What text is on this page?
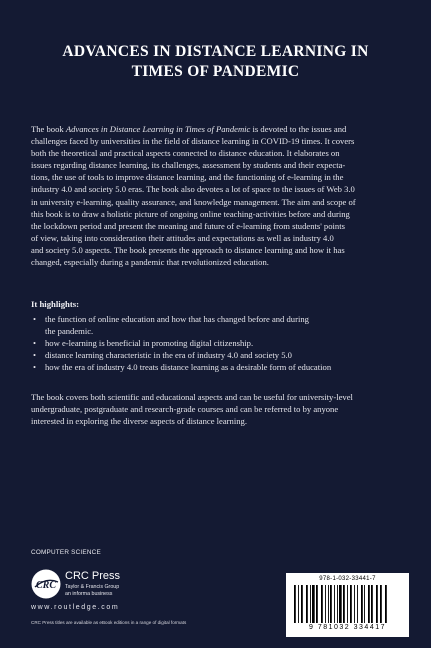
ADVANCES IN DISTANCE LEARNING IN
TIMES OF PANDEMIC
The book Advances in Distance Learning in Times of Pandemic is devoted to the issues and
challenges faced by universities in the field of distance learning in COVID-19 times. It covers
both the theoretical and practical aspects connected to distance education. It elaborates on
issues regarding distance learning, its challenges, assessment by students and their expecta-
tions, the use of tools to improve distance learning, and the functioning of e-learning in the
industry 4.0 and society 5.0 eras. The book also devotes a lot of space to the issues of Web 3.0
in university e-learning, quality assurance, and knowledge management. The aim and scope of
this book is to draw a holistic picture of ongoing online teaching-activities before and during
the lockdown period and present the meaning and future of e-learning from students' points
of view, taking into consideration their attitudes and expectations as well as industry 4.0
and society 5.0 aspects. The book presents the approach to distance learning and how it has
changed, especially during a pandemic that revolutionized education.
It highlights:
• the function of online education and how that has changed before and during
the pandemic.
• how e-learning is beneficial in promoting digital citizenship.
• distance learning characteristic in the era of industry 4.0 and society 5.0
• how the era of industry 4.0 treats distance learning as a desirable form of education
The book covers both scientific and educational aspects and can be useful for university-level
undergraduate, postgraduate and research-grade courses and can be referred to by anyone
interested in exploring the diverse aspects of distance learning.
COMPUTER SCIENCE
CRC
CRC Press
Taylor & Francis Group
an informa business
www.routledge.com
CRC Press titles are available as eBook editions in a range of digital formats
978-1-032-33441-7
9 781032 334417
